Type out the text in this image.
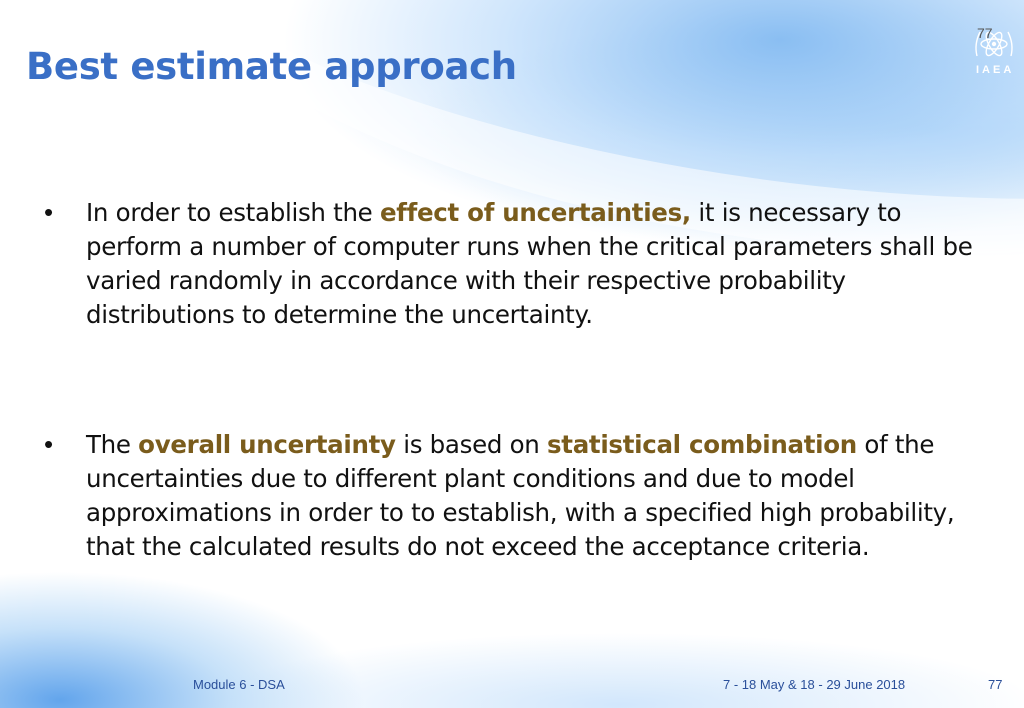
Best estimate approach
77
IAEA
• In order to establish the effect of uncertainties, it is necessary to perform a number of computer runs when the critical parameters shall be varied randomly in accordance with their respective probability distributions to determine the uncertainty.
• The overall uncertainty is based on statistical combination of the uncertainties due to different plant conditions and due to model approximations in order to to establish, with a specified high probability, that the calculated results do not exceed the acceptance criteria.
Module 6 - DSA	7 - 18 May & 18 - 29 June 2018	77
